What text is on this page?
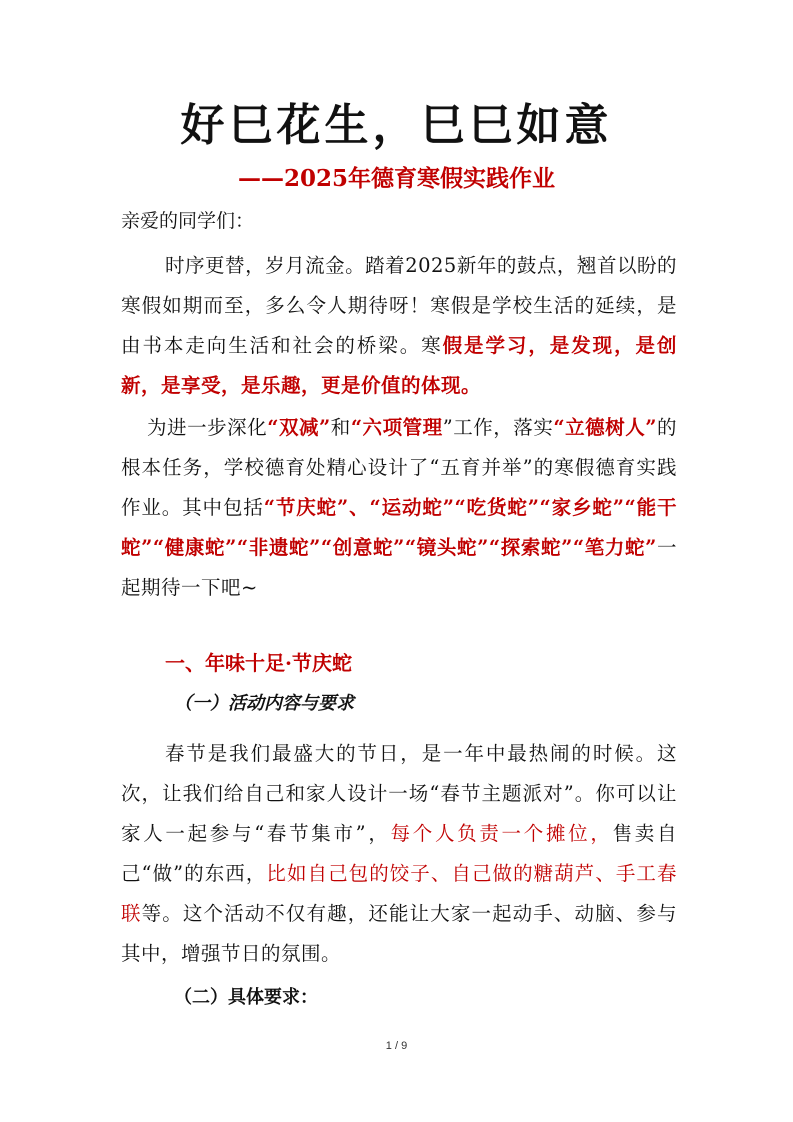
好巳花生，巳巳如意
——2025年德育寒假实践作业
亲爱的同学们：
时序更替，岁月流金。踏着2025新年的鼓点，翘首以盼的寒假如期而至，多么令人期待呀！寒假是学校生活的延续，是由书本走向生活和社会的桥梁。寒假是学习，是发现，是创新，是享受，是乐趣，更是价值的体现。
为进一步深化“双减”和“六项管理”工作，落实“立德树人”的根本任务，学校德育处精心设计了“五育并举”的寒假德育实践作业。其中包括“节庆蛇”、“运动蛇”“吃货蛇”“家乡蛇”“能干蛇”“健康蛇”“非遗蛇”“创意蛇”“镜头蛇”“探索蛇”“笔力蛇”一起期待一下吧~
一、年味十足·节庆蛇
（一）活动内容与要求
春节是我们最盛大的节日，是一年中最热闹的时候。这次，让我们给自己和家人设计一场“春节主题派对”。你可以让家人一起参与“春节集市”，每个人负责一个摊位，售卖自己“做”的东西，比如自己包的饺子、自己做的糖葫芦、手工春联等。这个活动不仅有趣，还能让大家一起动手、动脑、参与其中，增强节日的氛围。
（二）具体要求：
1 / 9
